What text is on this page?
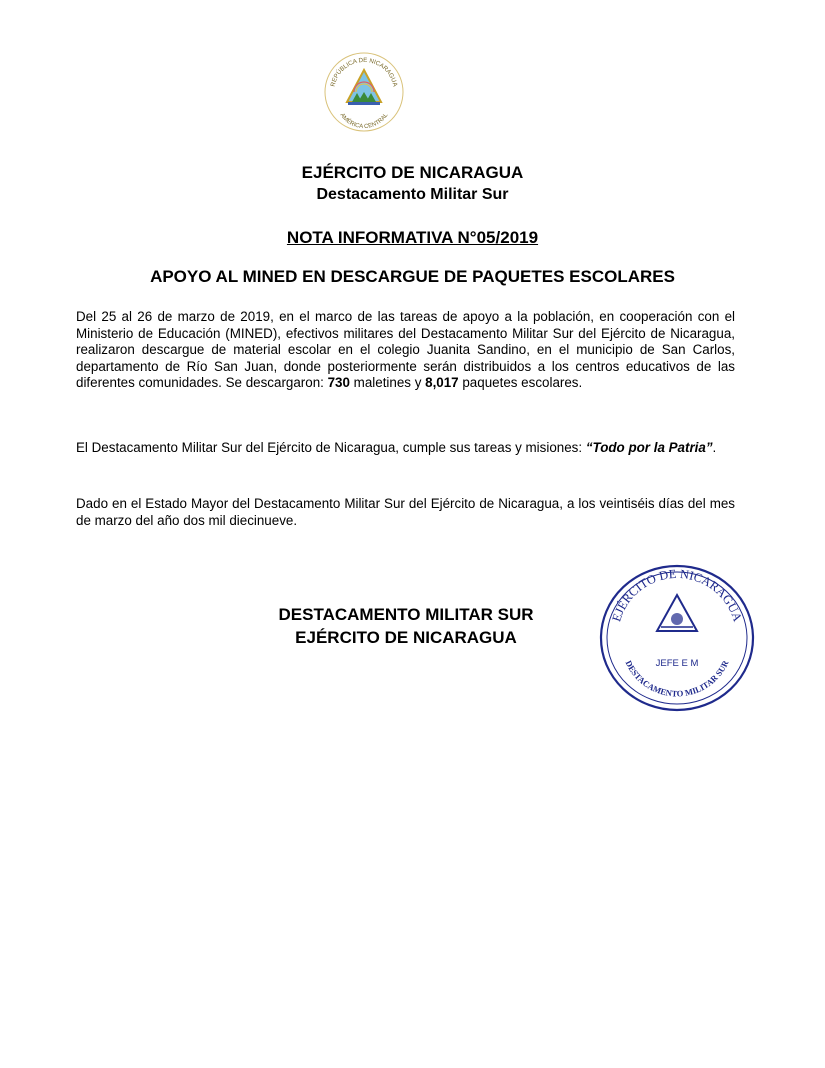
REPÚBLICA DE NICARAGUA
AMÉRICA CENTRAL
EJÉRCITO DE NICARAGUA
Destacamento Militar Sur
NOTA INFORMATIVA N°05/2019
APOYO AL MINED EN DESCARGUE DE PAQUETES ESCOLARES

Del 25 al 26 de marzo de 2019, en el marco de las tareas de apoyo a la población, en cooperación con el Ministerio de Educación (MINED), efectivos militares del Destacamento Militar Sur del Ejército de Nicaragua, realizaron descargue de material escolar en el colegio Juanita Sandino, en el municipio de San Carlos, departamento de Río San Juan, donde posteriormente serán distribuidos a los centros educativos de las diferentes comunidades. Se descargaron: 730 maletines y 8,017 paquetes escolares.

El Destacamento Militar Sur del Ejército de Nicaragua, cumple sus tareas y misiones: “Todo por la Patria”.

Dado en el Estado Mayor del Destacamento Militar Sur del Ejército de Nicaragua, a los veintiséis días del mes de marzo del año dos mil diecinueve.

DESTACAMENTO MILITAR SUR
EJÉRCITO DE NICARAGUA
EJÉRCITO DE NICARAGUA
DESTACAMENTO MILITAR SUR
JEFE E M
